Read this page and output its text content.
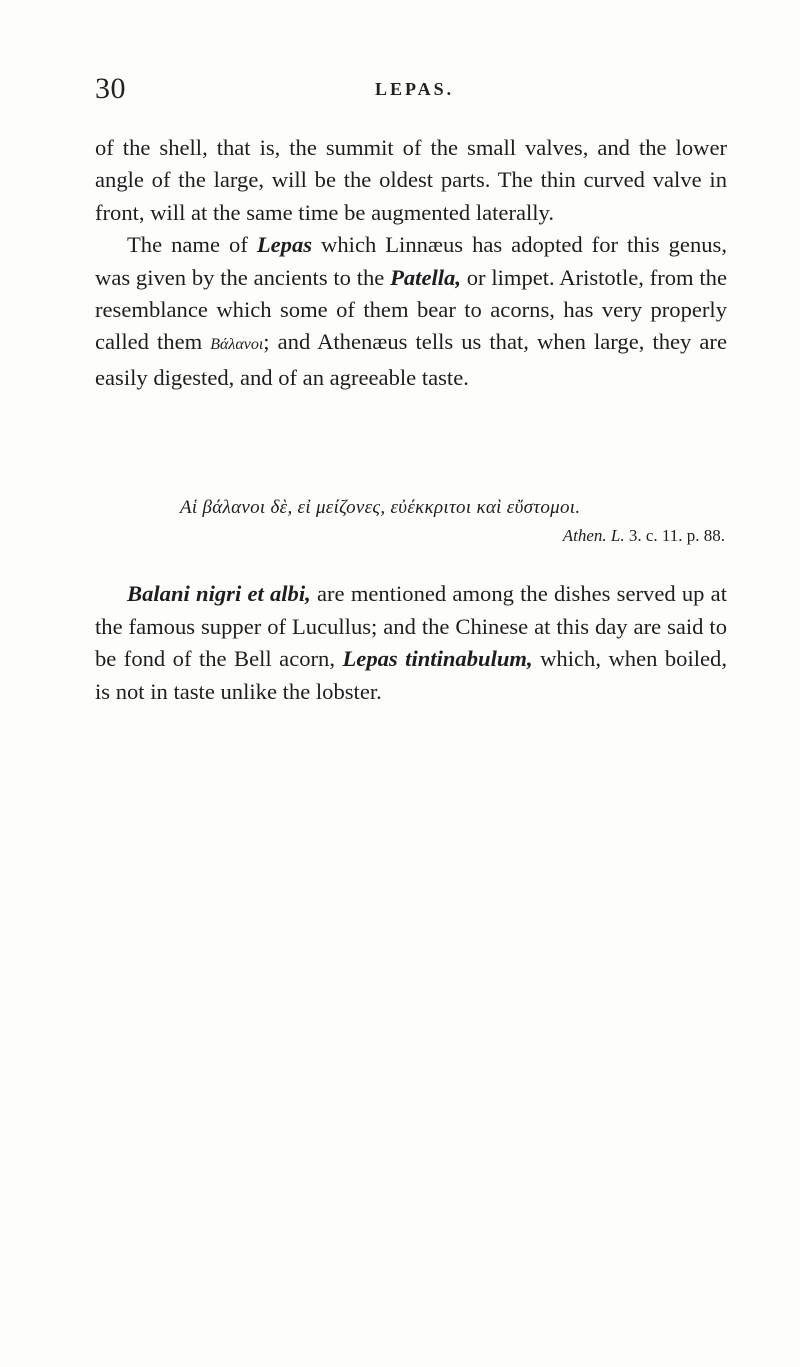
30	LEPAS.

of the shell, that is, the summit of the small valves, and the lower angle of the large, will be the oldest parts. The thin curved valve in front, will at the same time be augmented laterally.

The name of Lepas which Linnæus has adopted for this genus, was given by the ancients to the Patella, or limpet. Aristotle, from the resemblance which some of them bear to acorns, has very properly called them Βάλανοι; and Athenæus tells us that, when large, they are easily digested, and of an agreeable taste.

Αἱ βάλανοι δὲ, εἰ μείζονες, εὐέκκριτοι καὶ εὔστομοι.
Athen. L. 3. c. 11. p. 88.

Balani nigri et albi, are mentioned among the dishes served up at the famous supper of Lucullus; and the Chinese at this day are said to be fond of the Bell acorn, Lepas tintinabulum, which, when boiled, is not in taste unlike the lobster.
